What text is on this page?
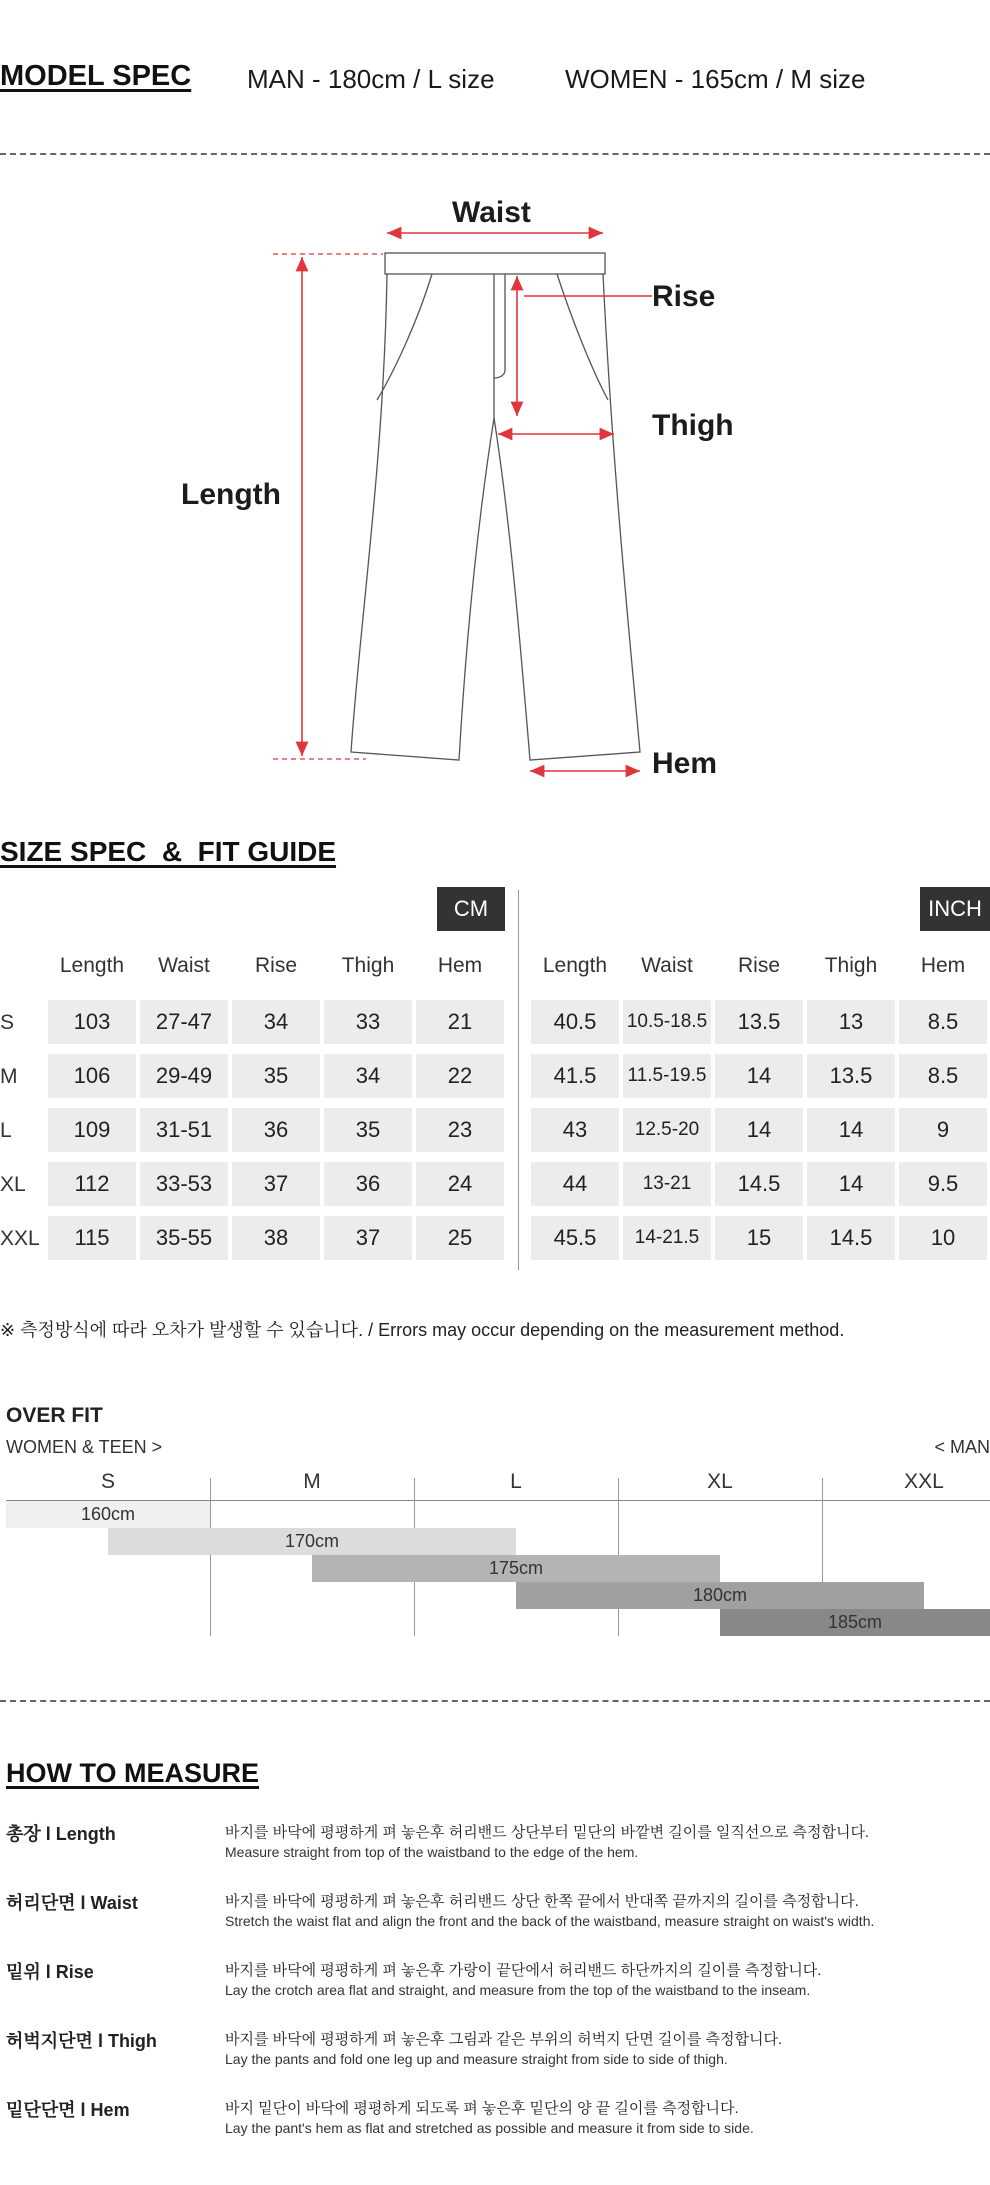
MODEL SPEC MAN - 180cm / L size	WOMEN - 165cm / M size
Waist
Rise
Thigh
Length
Hem
SIZE SPEC  &  FIT GUIDE
CM	INCH
Length	Length
Waist	Waist
Rise	Rise
Thigh	Thigh
Hem	Hem
S	103	27-47	34	33	21	40.5	10.5-18.5	13.5	13	8.5
M	106	29-49	35	34	22	41.5	11.5-19.5	14	13.5	8.5
L	109	31-51	36	35	23	43	12.5-20	14	14	9
XL	112	33-53	37	36	24	44	13-21	14.5	14	9.5
XXL	115	35-55	38	37	25	45.5	14-21.5	15	14.5	10
※ 측정방식에 따라 오차가 발생할 수 있습니다. / Errors may occur depending on the measurement method.
OVER FIT
WOMEN & TEEN >	< MAN
S	M	L	XL	XXL
160cm
170cm
175cm
180cm
185cm
HOW TO MEASURE
총장 l Length	바지를 바닥에 평평하게 펴 놓은후 허리밴드 상단부터 밑단의 바깥변 길이를 일직선으로 측정합니다.
Measure straight from top of the waistband to the edge of the hem.
허리단면 l Waist	바지를 바닥에 평평하게 펴 놓은후 허리밴드 상단 한쪽 끝에서 반대쪽 끝까지의 길이를 측정합니다.
Stretch the waist flat and align the front and the back of the waistband, measure straight on waist's width.
밑위 l Rise	바지를 바닥에 평평하게 펴 놓은후 가랑이 끝단에서 허리밴드 하단까지의 길이를 측정합니다.
Lay the crotch area flat and straight, and measure from the top of the waistband to the inseam.
허벅지단면 l Thigh	바지를 바닥에 평평하게 펴 놓은후 그림과 같은 부위의 허벅지 단면 길이를 측정합니다.
Lay the pants and fold one leg up and measure straight from side to side of thigh.
밑단단면 l Hem	바지 밑단이 바닥에 평평하게 되도록 펴 놓은후 밑단의 양 끝 길이를 측정합니다.
Lay the pant's hem as flat and stretched as possible and measure it from side to side.
